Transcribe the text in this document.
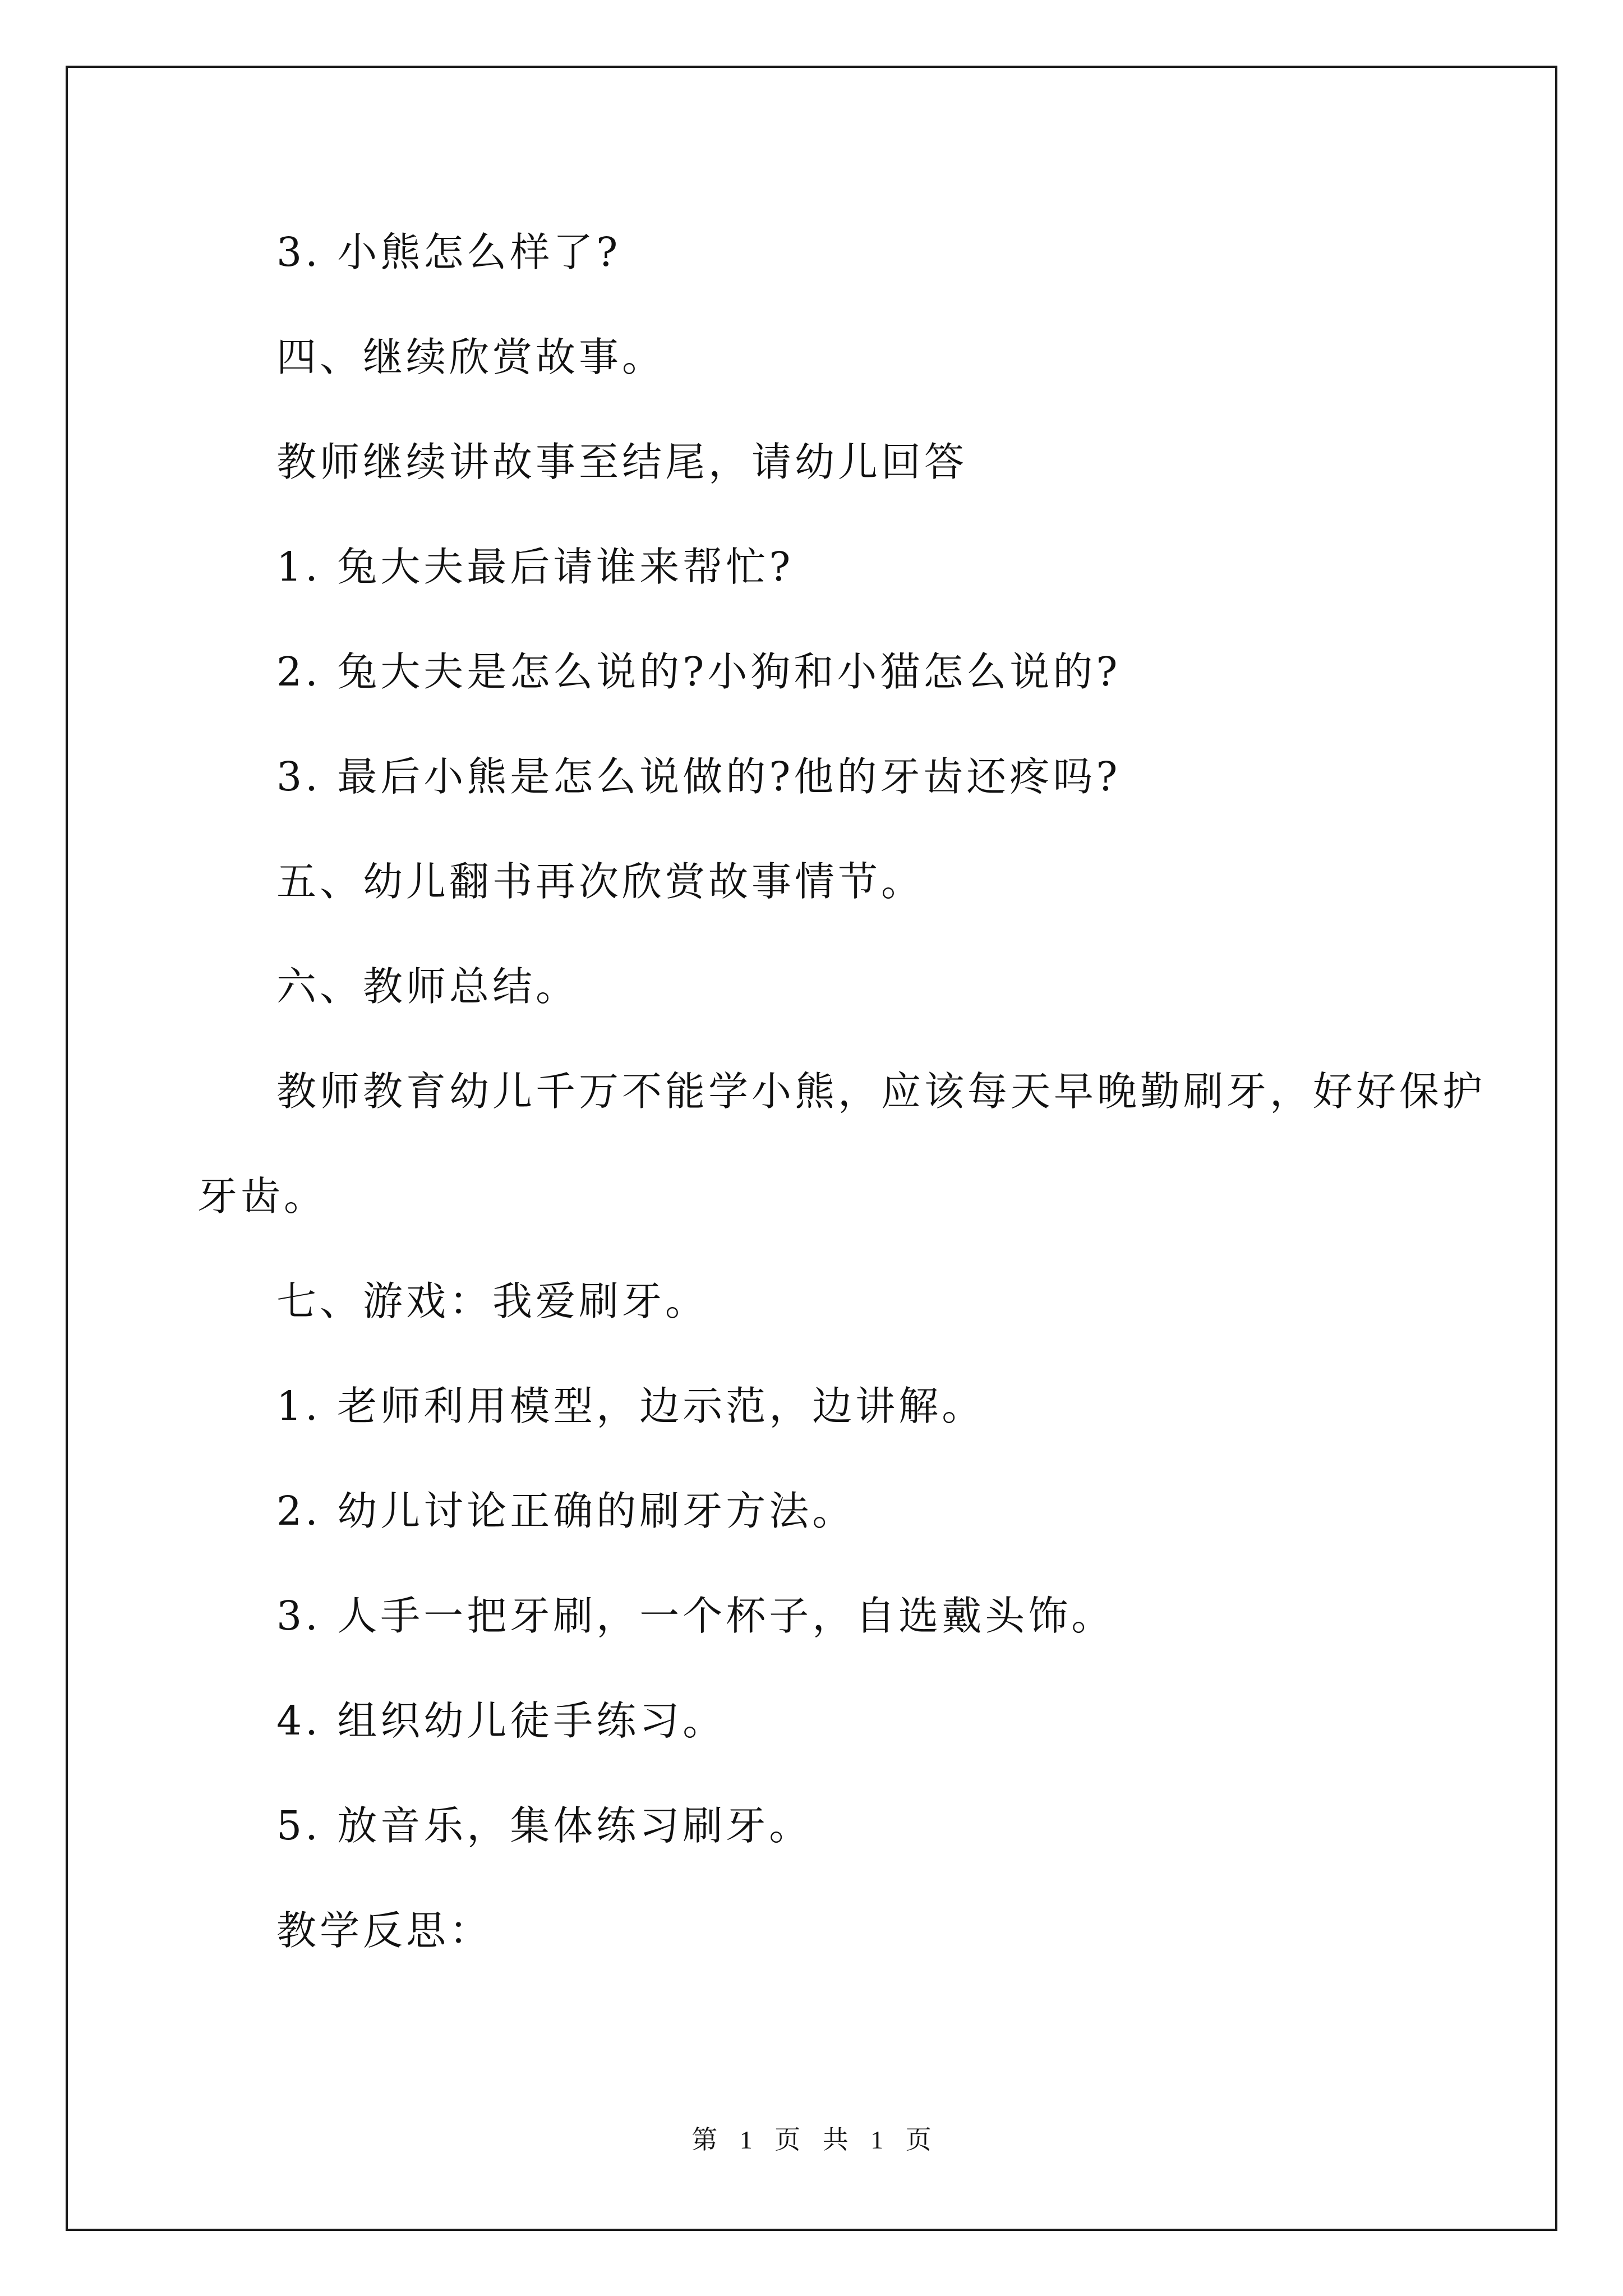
3. 小熊怎么样了?
四、继续欣赏故事。
教师继续讲故事至结尾，请幼儿回答
1. 兔大夫最后请谁来帮忙?
2. 兔大夫是怎么说的?小狗和小猫怎么说的?
3. 最后小熊是怎么说做的?他的牙齿还疼吗?
五、幼儿翻书再次欣赏故事情节。
六、教师总结。
教师教育幼儿千万不能学小熊，应该每天早晚勤刷牙，好好保护
牙齿。
七、游戏：我爱刷牙。
1. 老师利用模型，边示范，边讲解。
2. 幼儿讨论正确的刷牙方法。
3. 人手一把牙刷，一个杯子，自选戴头饰。
4. 组织幼儿徒手练习。
5. 放音乐，集体练习刷牙。
教学反思：
第 1 页 共 1 页
